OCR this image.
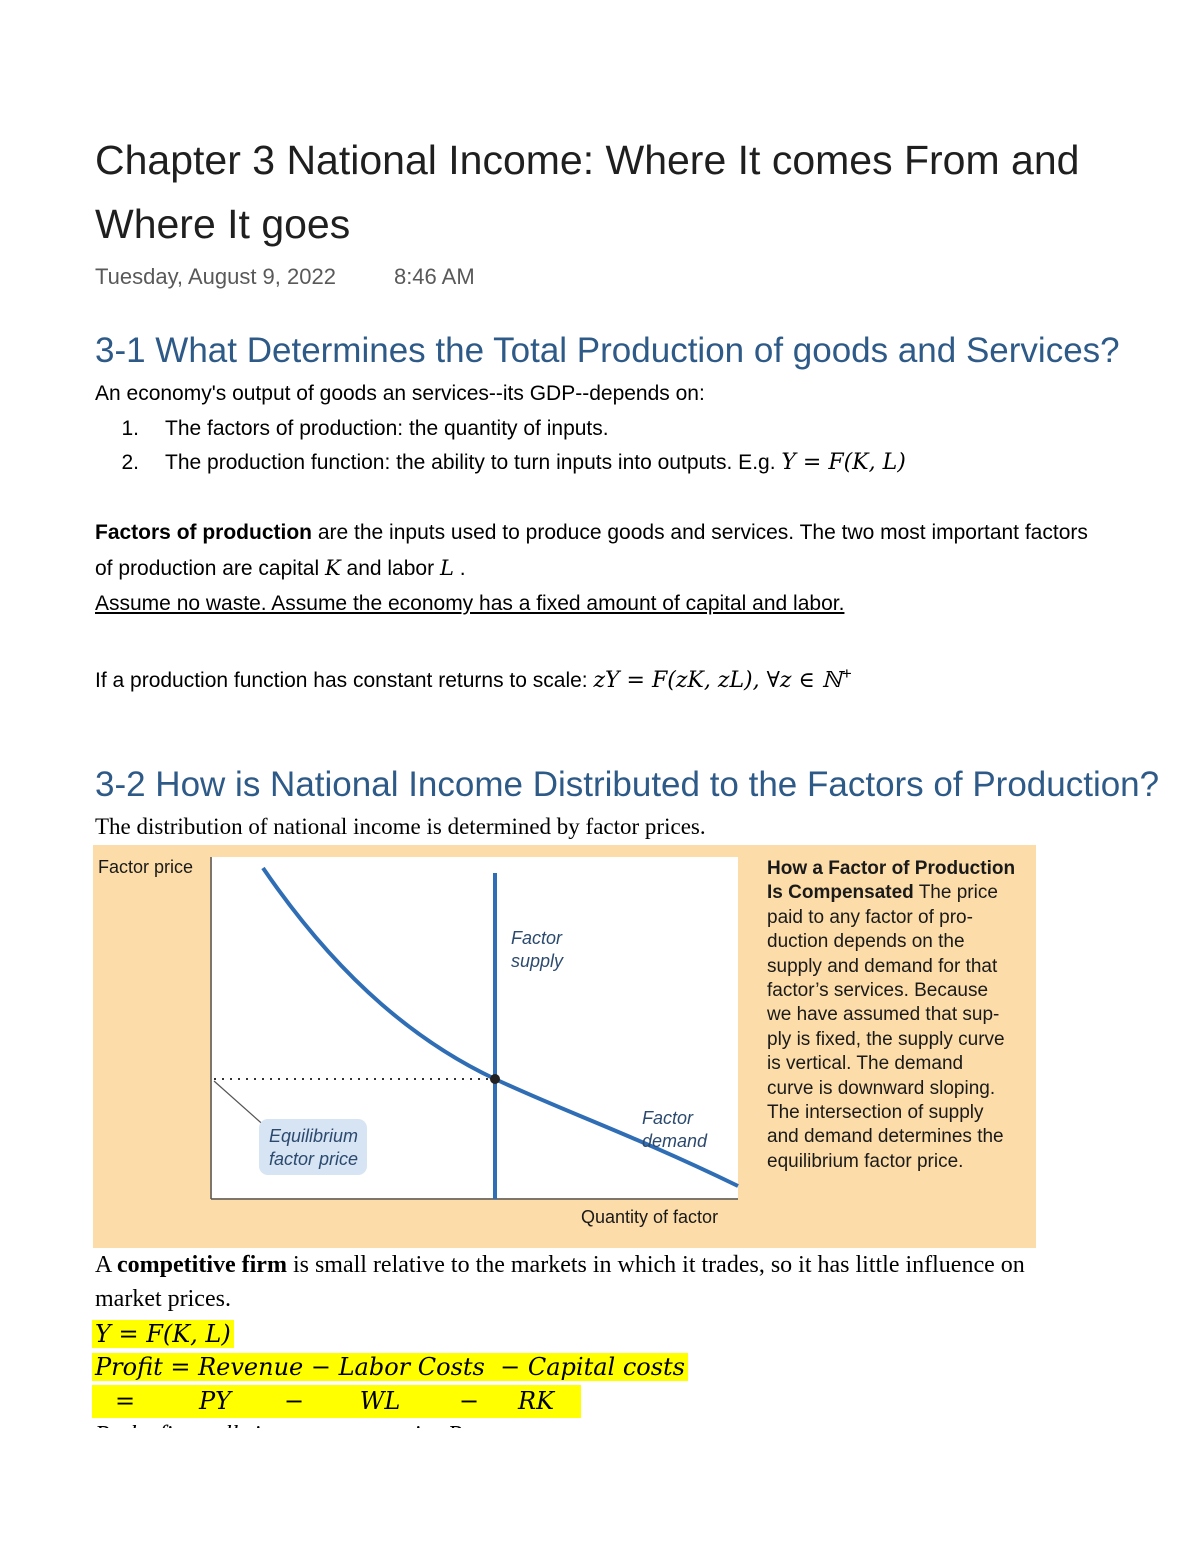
Chapter 3 National Income: Where It comes From and
Where It goes
Tuesday, August 9, 2022	8:46 AM
3-1 What Determines the Total Production of goods and Services?
An economy's output of goods an services--its GDP--depends on:
1. The factors of production: the quantity of inputs.
2. The production function: the ability to turn inputs into outputs. E.g. Y = F(K, L)
Factors of production are the inputs used to produce goods and services. The two most important factors
of production are capital K and labor L .
Assume no waste. Assume the economy has a fixed amount of capital and labor.
If a production function has constant returns to scale: zY = F(zK, zL), ∀z ∈ ℕ+
3-2 How is National Income Distributed to the Factors of Production?
The distribution of national income is determined by factor prices.
Equilibrium
factor price
Factor
supply
Factor
demand
Factor price
Quantity of factor
How a Factor of Production Is Compensated The price
paid to any factor of pro-
duction depends on the
supply and demand for that
factor’s services. Because
we have assumed that sup-
ply is fixed, the supply curve
is vertical. The demand
curve is downward sloping.
The intersection of supply
and demand determines the
equilibrium factor price.
A competitive firm is small relative to the markets in which it trades, so it has little influence on
market prices.
Y = F(K, L)
Profit = Revenue − Labor Costs  − Capital costs
=	PY − WL − RK
